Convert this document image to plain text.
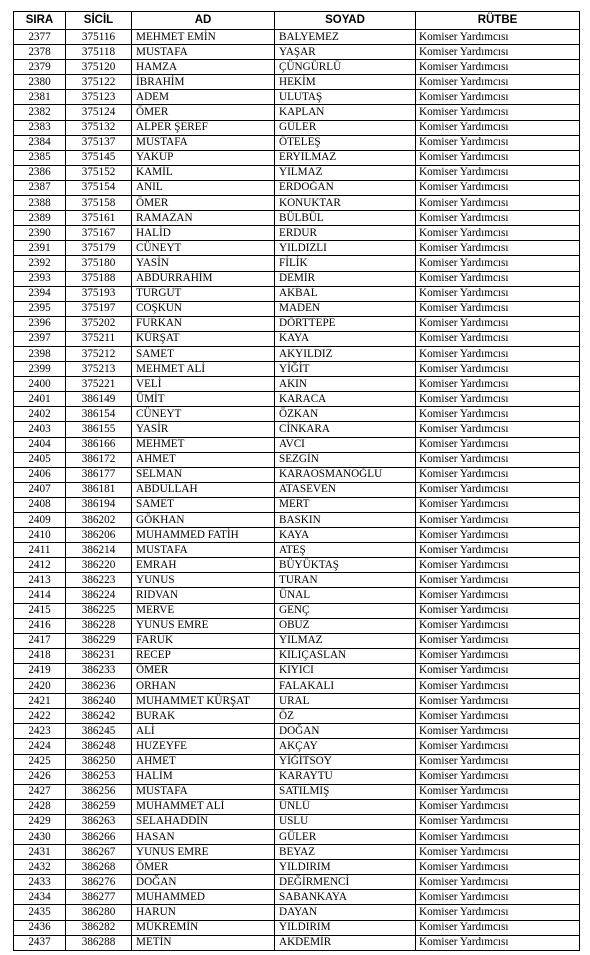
SIRA	SİCİL	AD	SOYAD	RÜTBE
2377	375116	MEHMET EMİN	BALYEMEZ	Komiser Yardımcısı
2378	375118	MUSTAFA	YAŞAR	Komiser Yardımcısı
2379	375120	HAMZA	ÇÜNGÜRLÜ	Komiser Yardımcısı
2380	375122	İBRAHİM	HEKİM	Komiser Yardımcısı
2381	375123	ADEM	ULUTAŞ	Komiser Yardımcısı
2382	375124	ÖMER	KAPLAN	Komiser Yardımcısı
2383	375132	ALPER ŞEREF	GÜLER	Komiser Yardımcısı
2384	375137	MUSTAFA	ÖTELEŞ	Komiser Yardımcısı
2385	375145	YAKUP	ERYILMAZ	Komiser Yardımcısı
2386	375152	KAMİL	YILMAZ	Komiser Yardımcısı
2387	375154	ANIL	ERDOĞAN	Komiser Yardımcısı
2388	375158	ÖMER	KONUKTAR	Komiser Yardımcısı
2389	375161	RAMAZAN	BÜLBÜL	Komiser Yardımcısı
2390	375167	HALİD	ERDUR	Komiser Yardımcısı
2391	375179	CÜNEYT	YILDIZLI	Komiser Yardımcısı
2392	375180	YASİN	FİLİK	Komiser Yardımcısı
2393	375188	ABDURRAHİM	DEMİR	Komiser Yardımcısı
2394	375193	TURGUT	AKBAL	Komiser Yardımcısı
2395	375197	COŞKUN	MADEN	Komiser Yardımcısı
2396	375202	FURKAN	DÖRTTEPE	Komiser Yardımcısı
2397	375211	KÜRŞAT	KAYA	Komiser Yardımcısı
2398	375212	SAMET	AKYILDIZ	Komiser Yardımcısı
2399	375213	MEHMET ALİ	YİĞİT	Komiser Yardımcısı
2400	375221	VELİ	AKIN	Komiser Yardımcısı
2401	386149	ÜMİT	KARACA	Komiser Yardımcısı
2402	386154	CÜNEYT	ÖZKAN	Komiser Yardımcısı
2403	386155	YASİR	CİNKARA	Komiser Yardımcısı
2404	386166	MEHMET	AVCI	Komiser Yardımcısı
2405	386172	AHMET	SEZGİN	Komiser Yardımcısı
2406	386177	SELMAN	KARAOSMANOĞLU	Komiser Yardımcısı
2407	386181	ABDULLAH	ATASEVEN	Komiser Yardımcısı
2408	386194	SAMET	MERT	Komiser Yardımcısı
2409	386202	GÖKHAN	BASKIN	Komiser Yardımcısı
2410	386206	MUHAMMED FATİH	KAYA	Komiser Yardımcısı
2411	386214	MUSTAFA	ATEŞ	Komiser Yardımcısı
2412	386220	EMRAH	BÜYÜKTAŞ	Komiser Yardımcısı
2413	386223	YUNUS	TURAN	Komiser Yardımcısı
2414	386224	RIDVAN	ÜNAL	Komiser Yardımcısı
2415	386225	MERVE	GENÇ	Komiser Yardımcısı
2416	386228	YUNUS EMRE	OBUZ	Komiser Yardımcısı
2417	386229	FARUK	YILMAZ	Komiser Yardımcısı
2418	386231	RECEP	KILIÇASLAN	Komiser Yardımcısı
2419	386233	ÖMER	KIYICI	Komiser Yardımcısı
2420	386236	ORHAN	FALAKALI	Komiser Yardımcısı
2421	386240	MUHAMMET KÜRŞAT	URAL	Komiser Yardımcısı
2422	386242	BURAK	ÖZ	Komiser Yardımcısı
2423	386245	ALİ	DOĞAN	Komiser Yardımcısı
2424	386248	HUZEYFE	AKÇAY	Komiser Yardımcısı
2425	386250	AHMET	YİĞİTSOY	Komiser Yardımcısı
2426	386253	HALİM	KARAYTU	Komiser Yardımcısı
2427	386256	MUSTAFA	SATILMIŞ	Komiser Yardımcısı
2428	386259	MUHAMMET ALİ	ÜNLÜ	Komiser Yardımcısı
2429	386263	SELAHADDİN	USLU	Komiser Yardımcısı
2430	386266	HASAN	GÜLER	Komiser Yardımcısı
2431	386267	YUNUS EMRE	BEYAZ	Komiser Yardımcısı
2432	386268	ÖMER	YILDIRIM	Komiser Yardımcısı
2433	386276	DOĞAN	DEĞİRMENCİ	Komiser Yardımcısı
2434	386277	MUHAMMED	SABANKAYA	Komiser Yardımcısı
2435	386280	HARUN	DAYAN	Komiser Yardımcısı
2436	386282	MÜKREMİN	YILDIRIM	Komiser Yardımcısı
2437	386288	METİN	AKDEMİR	Komiser Yardımcısı
